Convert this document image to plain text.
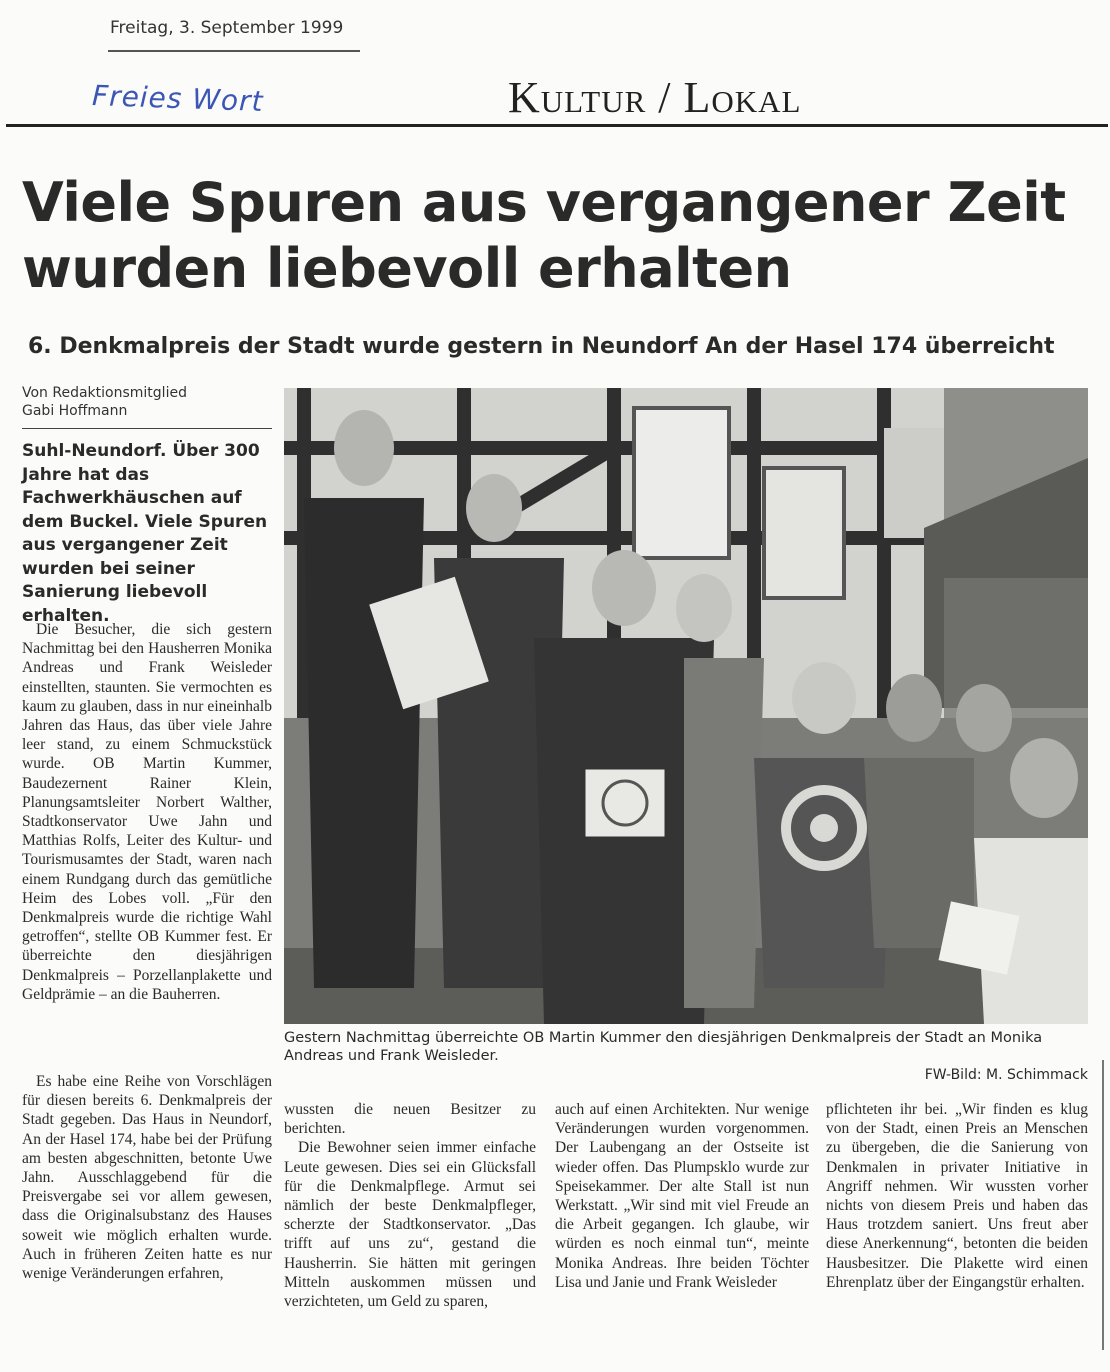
Freitag, 3. September 1999
Freies Wort	Kultur / Lokal
Viele Spuren aus vergangener Zeit
wurden liebevoll erhalten
6. Denkmalpreis der Stadt wurde gestern in Neundorf An der Hasel 174 überreicht
Von Redaktionsmitglied
Gabi Hoffmann
Suhl-Neundorf. Über 300 Jahre hat das Fachwerkhäuschen auf dem Buckel. Viele Spuren aus vergangener Zeit wurden bei seiner Sanierung liebevoll erhalten.

Die Besucher, die sich gestern Nachmittag bei den Hausherren Monika Andreas und Frank Weisleder einstellten, staunten. Sie vermochten es kaum zu glauben, dass in nur eineinhalb Jahren das Haus, das über viele Jahre leer stand, zu einem Schmuckstück wurde. OB Martin Kummer, Baudezernent Rainer Klein, Planungsamtsleiter Norbert Walther, Stadtkonservator Uwe Jahn und Matthias Rolfs, Leiter des Kultur- und Tourismusamtes der Stadt, waren nach einem Rundgang durch das gemütliche Heim des Lobes voll. „Für den Denkmalpreis wurde die richtige Wahl getroffen“, stellte OB Kummer fest. Er überreichte den diesjährigen Denkmalpreis – Porzellanplakette und Geldprämie – an die Bauherren.

Es habe eine Reihe von Vorschlägen für diesen bereits 6. Denkmalpreis der Stadt gegeben. Das Haus in Neundorf, An der Hasel 174, habe bei der Prüfung am besten abgeschnitten, betonte Uwe Jahn. Ausschlaggebend für die Preisvergabe sei vor allem gewesen, dass die Originalsubstanz des Hauses soweit wie möglich erhalten wurde. Auch in früheren Zeiten hatte es nur wenige Veränderungen erfahren,

wussten die neuen Besitzer zu berichten.

Die Bewohner seien immer einfache Leute gewesen. Dies sei ein Glücksfall für die Denkmalpflege. Armut sei nämlich der beste Denkmalpfleger, scherzte der Stadtkonservator. „Das trifft auf uns zu“, gestand die Hausherrin. Sie hätten mit geringen Mitteln auskommen müssen und verzichteten, um Geld zu sparen,

auch auf einen Architekten. Nur wenige Veränderungen wurden vorgenommen. Der Laubengang an der Ostseite ist wieder offen. Das Plumpsklo wurde zur Speisekammer. Der alte Stall ist nun Werkstatt. „Wir sind mit viel Freude an die Arbeit gegangen. Ich glaube, wir würden es noch einmal tun“, meinte Monika Andreas. Ihre beiden Töchter Lisa und Janie und Frank Weisleder

pflichteten ihr bei. „Wir finden es klug von der Stadt, einen Preis an Menschen zu übergeben, die die Sanierung von Denkmalen in privater Initiative in Angriff nehmen. Wir wussten vorher nichts von diesem Preis und haben das Haus trotzdem saniert. Uns freut aber diese Anerkennung“, betonten die beiden Hausbesitzer. Die Plakette wird einen Ehrenplatz über der Eingangstür erhalten.

Gestern Nachmittag überreichte OB Martin Kummer den diesjährigen Denkmalpreis der Stadt an Monika Andreas und Frank Weisleder.
FW-Bild: M. Schimmack
